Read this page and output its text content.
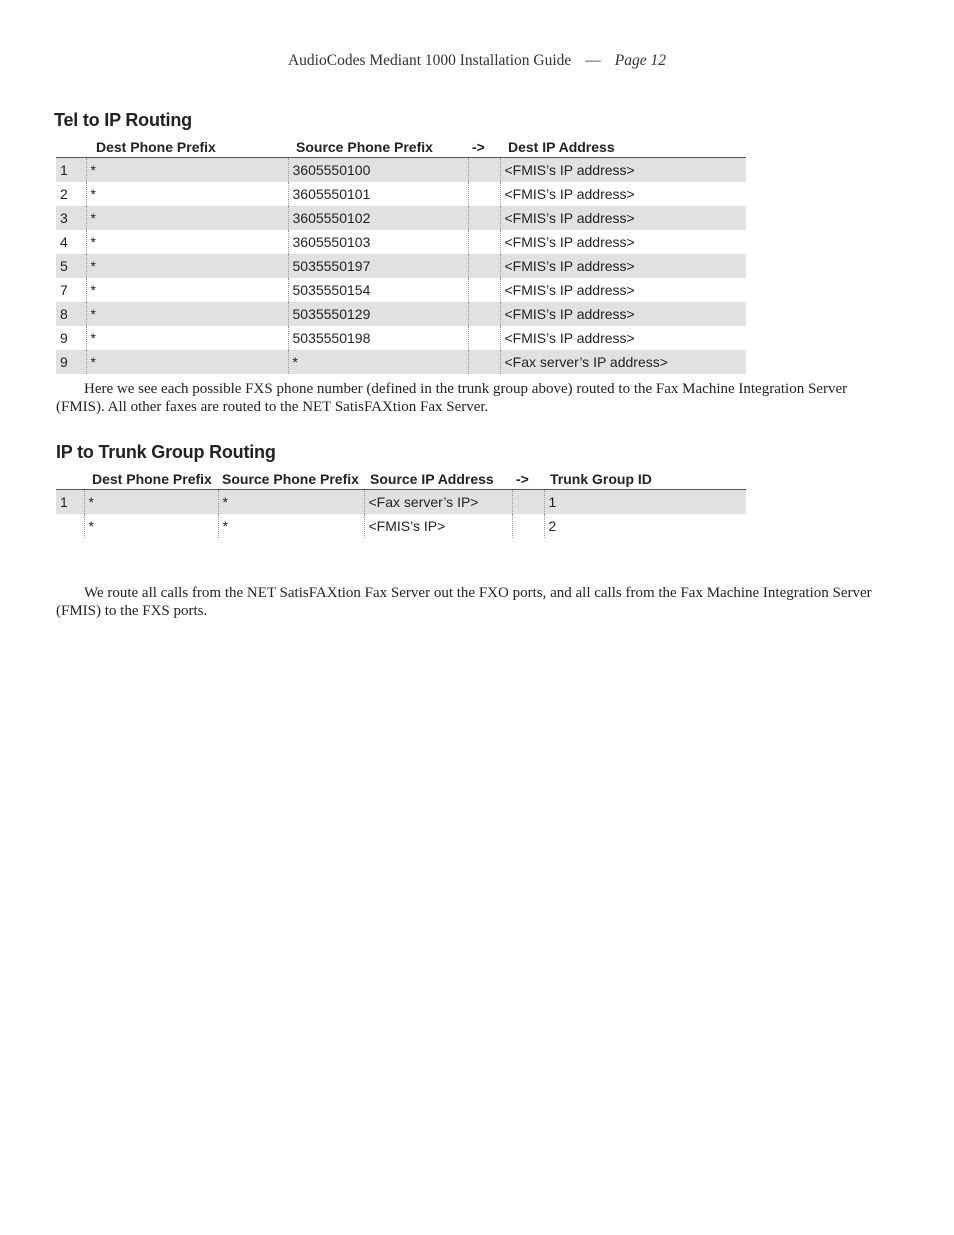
AudioCodes Mediant 1000 Installation Guide — Page 12
Tel to IP Routing
	Dest Phone Prefix	Source Phone Prefix	->	Dest IP Address
1	*	3605550100		<FMIS’s IP address>
2	*	3605550101		<FMIS’s IP address>
3	*	3605550102		<FMIS’s IP address>
4	*	3605550103		<FMIS’s IP address>
5	*	5035550197		<FMIS’s IP address>
7	*	5035550154		<FMIS’s IP address>
8	*	5035550129		<FMIS’s IP address>
9	*	5035550198		<FMIS’s IP address>
9	*	*		<Fax server’s IP address>

Here we see each possible FXS phone number (defined in the trunk group above) routed to the Fax Machine Integration Server (FMIS). All other faxes are routed to the NET SatisFAXtion Fax Server.

IP to Trunk Group Routing
	Dest Phone Prefix	Source Phone Prefix	Source IP Address	->	Trunk Group ID
1	*	*	<Fax server’s IP>		1
	*	*	<FMIS’s IP>		2

We route all calls from the NET SatisFAXtion Fax Server out the FXO ports, and all calls from the Fax Machine Integration Server (FMIS) to the FXS ports.
